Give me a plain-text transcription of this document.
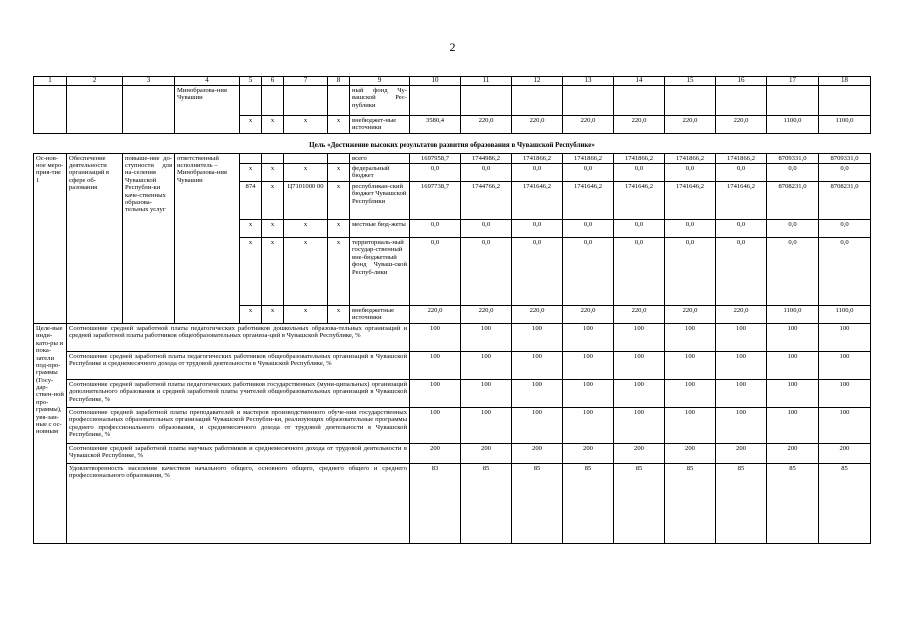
2
1	2	3	4	5	6	7	8	9	10	11	12	13	14	15	16	17	18
			Минобразова-ния Чувашии					ный фонд Чу-вашской Рес-публики									
				x	x	x	x	внебюджет-ные источники	3580,4	220,0	220,0	220,0	220,0	220,0	220,0	1100,0	1100,0
Цель «Достижение высоких результатов развития образования в Чувашской Республике»																	
Ос-нов-ное меро-прия-тие 1	Обеспечение деятельности организаций в сфере об-разования	повыше-ние до-ступности для на-селения Чувашской Республи-ки каче-ственных образова-тельных услуг	ответственный исполнитель – Минобразова-ния Чувашии					всего	1697958,7	1744986,2	1741866,2	1741866,2	1741866,2	1741866,2	1741866,2	8709331,0	8709331,0
				x	x	x	x	федеральный бюджет	0,0	0,0	0,0	0,0	0,0	0,0	0,0	0,0	0,0
				874	x	Ц7101000 00	x	республикан-ский бюджет Чувашской Республики	1697738,7	1744766,2	1741646,2	1741646,2	1741646,2	1741646,2	1741646,2	8708231,0	8708231,0
				x	x	x	x	местные бюд-жеты	0,0	0,0	0,0	0,0	0,0	0,0	0,0	0,0	0,0
				x	x	x	x	территориаль-ный государ-ственный вне-бюджетный фонд Чуваш-ской Респуб-лики	0,0	0,0	0,0	0,0	0,0	0,0	0,0	0,0	0,0
				x	x	x	x	внебюджетные источники	220,0	220,0	220,0	220,0	220,0	220,0	220,0	1100,0	1100,0
Целе-вые инди-като-ры и пока-затели под-про-граммы (Госу-дар-ствен-ной про-граммы), увя-зан-ные с ос-новным	Соотношение средней заработной платы педагогических работников дошкольных образова-тельных организаций и средней заработной платы работников общеобразовательных организа-ций в Чувашской Республике, %								100	100	100	100	100	100	100	100	100
	Соотношение средней заработной платы педагогических работников общеобразовательных организаций в Чувашской Республике и среднемесячного дохода от трудовой деятельности в Чувашской Республике, %								100	100	100	100	100	100	100	100	100
	Соотношение средней заработной платы педагогических работников государственных (муни-ципальных) организаций дополнительного образования и средней заработной платы учителей общеобразовательных организаций в Чувашской Республике, %								100	100	100	100	100	100	100	100	100
	Соотношение средней заработной платы преподавателей и мастеров производственного обуче-ния государственных профессиональных образовательных организаций Чувашской Республи-ки, реализующих образовательные программы среднего профессионального образования, и среднемесячного дохода от трудовой деятельности в Чувашской Республике, %								100	100	100	100	100	100	100	100	100
	Соотношение средней заработной платы научных работников и среднемесячного дохода от трудовой деятельности в Чувашской Республике, %								200	200	200	200	200	200	200	200	200
	Удовлетворенность населения качеством начального общего, основного общего, среднего общего и среднего профессионального образования, %								83	85	85	85	85	85	85	85	85
